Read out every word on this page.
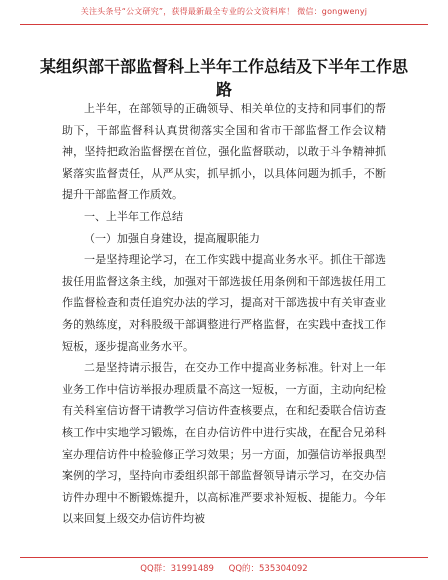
关注头条号“公文研究”，获得最新最全专业的公文资料库！ 微信：gongwenyj
某组织部干部监督科上半年工作总结及下半年工作思路

上半年，在部领导的正确领导、相关单位的支持和同事们的帮助下，干部监督科认真贯彻落实全国和省市干部监督工作会议精神，坚持把政治监督摆在首位，强化监督联动，以敢于斗争精神抓紧落实监督责任，从严从实，抓早抓小，以具体问题为抓手，不断提升干部监督工作质效。

一、上半年工作总结

（一）加强自身建设，提高履职能力

一是坚持理论学习，在工作实践中提高业务水平。抓住干部选拔任用监督这条主线，加强对干部选拔任用条例和干部选拔任用工作监督检查和责任追究办法的学习，提高对干部选拔中有关审查业务的熟练度，对科股级干部调整进行严格监督，在实践中查找工作短板，逐步提高业务水平。

二是坚持请示报告，在交办工作中提高业务标准。针对上一年业务工作中信访举报办理质量不高这一短板，一方面，主动向纪检有关科室信访督干请教学习信访件查核要点，在和纪委联合信访查核工作中实地学习锻炼，在自办信访件中进行实战，在配合兄弟科室办理信访件中检验修正学习效果；另一方面，加强信访举报典型案例的学习，坚持向市委组织部干部监督领导请示学习，在交办信访件办理中不断锻炼提升，以高标准严要求补短板、提能力。今年以来回复上级交办信访件均被

QQ群：31991489 QQ的：535304092
